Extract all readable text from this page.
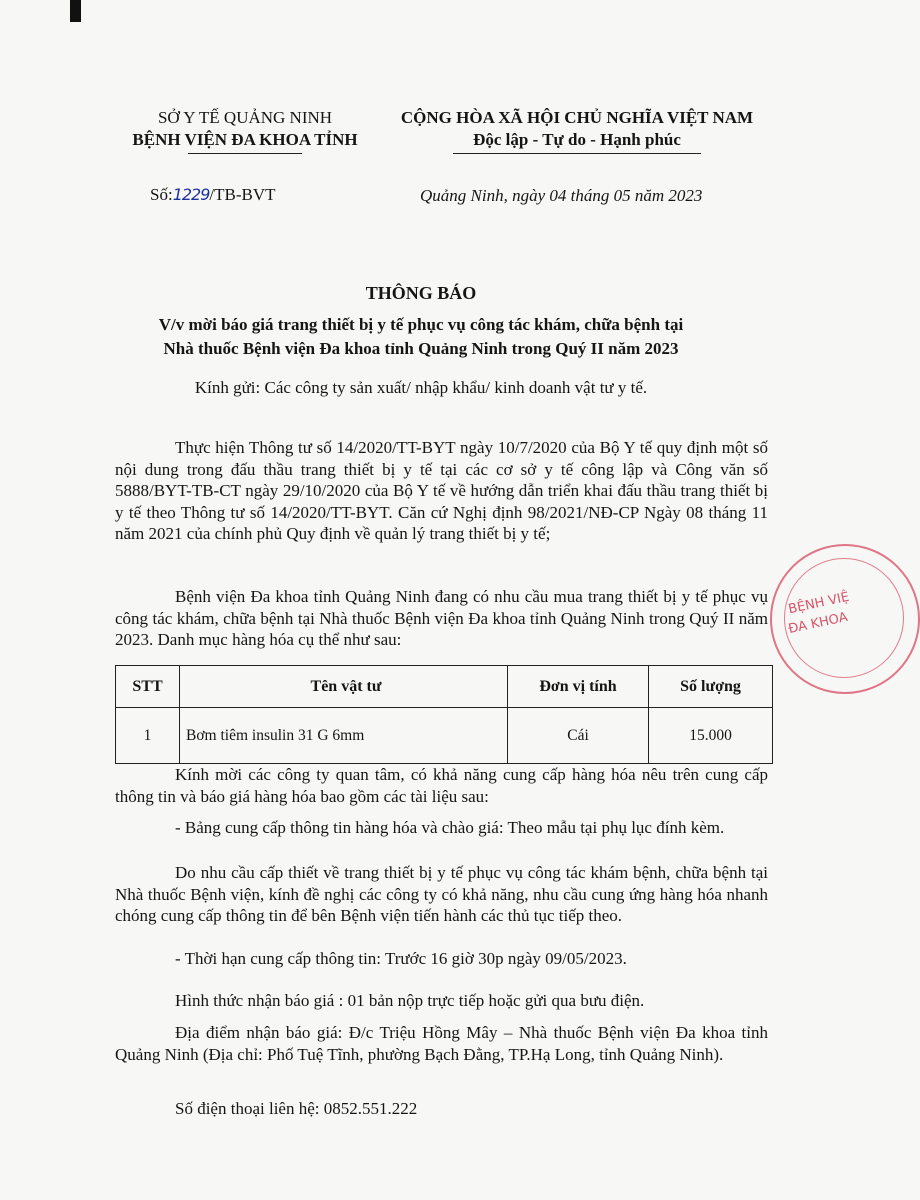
SỞ Y TẾ QUẢNG NINH
BỆNH VIỆN ĐA KHOA TỈNH
CỘNG HÒA XÃ HỘI CHỦ NGHĨA VIỆT NAM
Độc lập - Tự do - Hạnh phúc
Số:1229/TB-BVT	Quảng Ninh, ngày 04 tháng 05 năm 2023
THÔNG BÁO
V/v mời báo giá trang thiết bị y tế phục vụ công tác khám, chữa bệnh tại
Nhà thuốc Bệnh viện Đa khoa tỉnh Quảng Ninh trong Quý II năm 2023
Kính gửi: Các công ty sản xuất/ nhập khẩu/ kinh doanh vật tư y tế.
Thực hiện Thông tư số 14/2020/TT-BYT ngày 10/7/2020 của Bộ Y tế quy định một số nội dung trong đấu thầu trang thiết bị y tế tại các cơ sở y tế công lập và Công văn số 5888/BYT-TB-CT ngày 29/10/2020 của Bộ Y tế về hướng dẫn triển khai đấu thầu trang thiết bị y tế theo Thông tư số 14/2020/TT-BYT. Căn cứ Nghị định 98/2021/NĐ-CP Ngày 08 tháng 11 năm 2021 của chính phủ Quy định về quản lý trang thiết bị y tế;
Bệnh viện Đa khoa tỉnh Quảng Ninh đang có nhu cầu mua trang thiết bị y tế phục vụ công tác khám, chữa bệnh tại Nhà thuốc Bệnh viện Đa khoa tỉnh Quảng Ninh trong Quý II năm 2023. Danh mục hàng hóa cụ thể như sau:
STT	Tên vật tư	Đơn vị tính	Số lượng
1	Bơm tiêm insulin 31 G 6mm	Cái	15.000
Kính mời các công ty quan tâm, có khả năng cung cấp hàng hóa nêu trên cung cấp thông tin và báo giá hàng hóa bao gồm các tài liệu sau:
- Bảng cung cấp thông tin hàng hóa và chào giá: Theo mẫu tại phụ lục đính kèm.
Do nhu cầu cấp thiết về trang thiết bị y tế phục vụ công tác khám bệnh, chữa bệnh tại Nhà thuốc Bệnh viện, kính đề nghị các công ty có khả năng, nhu cầu cung ứng hàng hóa nhanh chóng cung cấp thông tin để bên Bệnh viện tiến hành các thủ tục tiếp theo.
- Thời hạn cung cấp thông tin: Trước 16 giờ 30p ngày 09/05/2023.
Hình thức nhận báo giá : 01 bản nộp trực tiếp hoặc gửi qua bưu điện.
Địa điểm nhận báo giá: Đ/c Triệu Hồng Mây – Nhà thuốc Bệnh viện Đa khoa tỉnh Quảng Ninh (Địa chỉ: Phố Tuệ Tĩnh, phường Bạch Đằng, TP.Hạ Long, tỉnh Quảng Ninh).
Số điện thoại liên hệ: 0852.551.222
BỆNH VIỆ
ĐA KHOA
